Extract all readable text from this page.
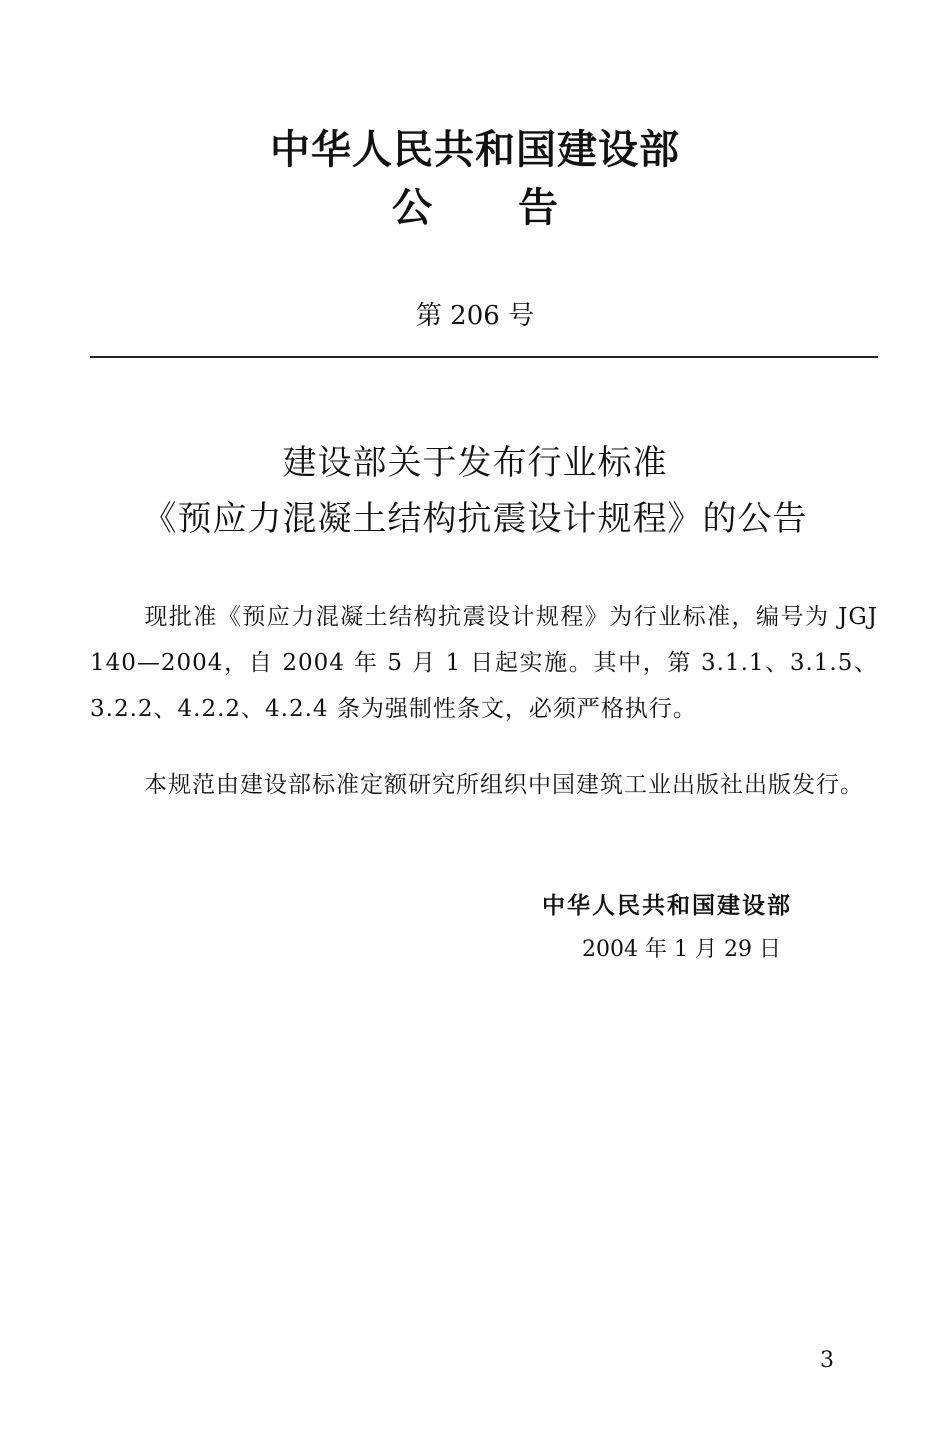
中华人民共和国建设部
公 告
第 206 号
建设部关于发布行业标准
《预应力混凝土结构抗震设计规程》的公告
现批准《预应力混凝土结构抗震设计规程》为行业标准，编号为 JGJ 140—2004，自 2004 年 5 月 1 日起实施。其中，第 3.1.1、3.1.5、3.2.2、4.2.2、4.2.4 条为强制性条文，必须严格执行。
本规范由建设部标准定额研究所组织中国建筑工业出版社出版发行。
中华人民共和国建设部
2004 年 1 月 29 日
3
